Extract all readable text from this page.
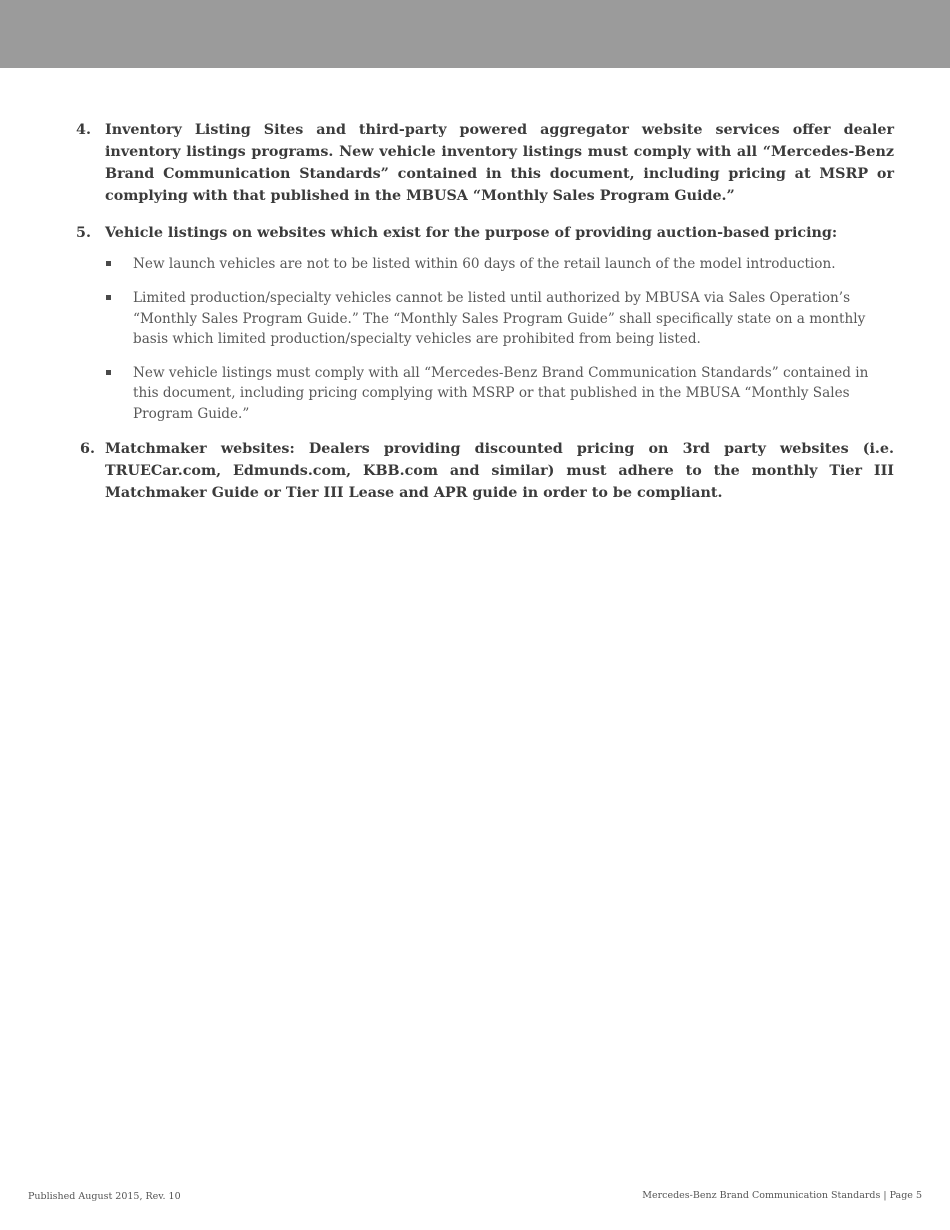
4. Inventory Listing Sites and third-party powered aggregator website services offer dealer inventory listings programs. New vehicle inventory listings must comply with all “Mercedes-Benz Brand Communication Standards” contained in this document, including pricing at MSRP or complying with that published in the MBUSA “Monthly Sales Program Guide.”
5. Vehicle listings on websites which exist for the purpose of providing auction-based pricing:
New launch vehicles are not to be listed within 60 days of the retail launch of the model introduction.
Limited production/specialty vehicles cannot be listed until authorized by MBUSA via Sales Operation’s “Monthly Sales Program Guide.” The “Monthly Sales Program Guide” shall specifically state on a monthly basis which limited production/specialty vehicles are prohibited from being listed.
New vehicle listings must comply with all “Mercedes-Benz Brand Communication Standards” contained in this document, including pricing complying with MSRP or that published in the MBUSA “Monthly Sales Program Guide.”
6. Matchmaker websites: Dealers providing discounted pricing on 3rd party websites (i.e. TRUECar.com, Edmunds.com, KBB.com and similar) must adhere to the monthly Tier III Matchmaker Guide or Tier III Lease and APR guide in order to be compliant.
Published August 2015, Rev. 10	Mercedes-Benz Brand Communication Standards | Page 5
